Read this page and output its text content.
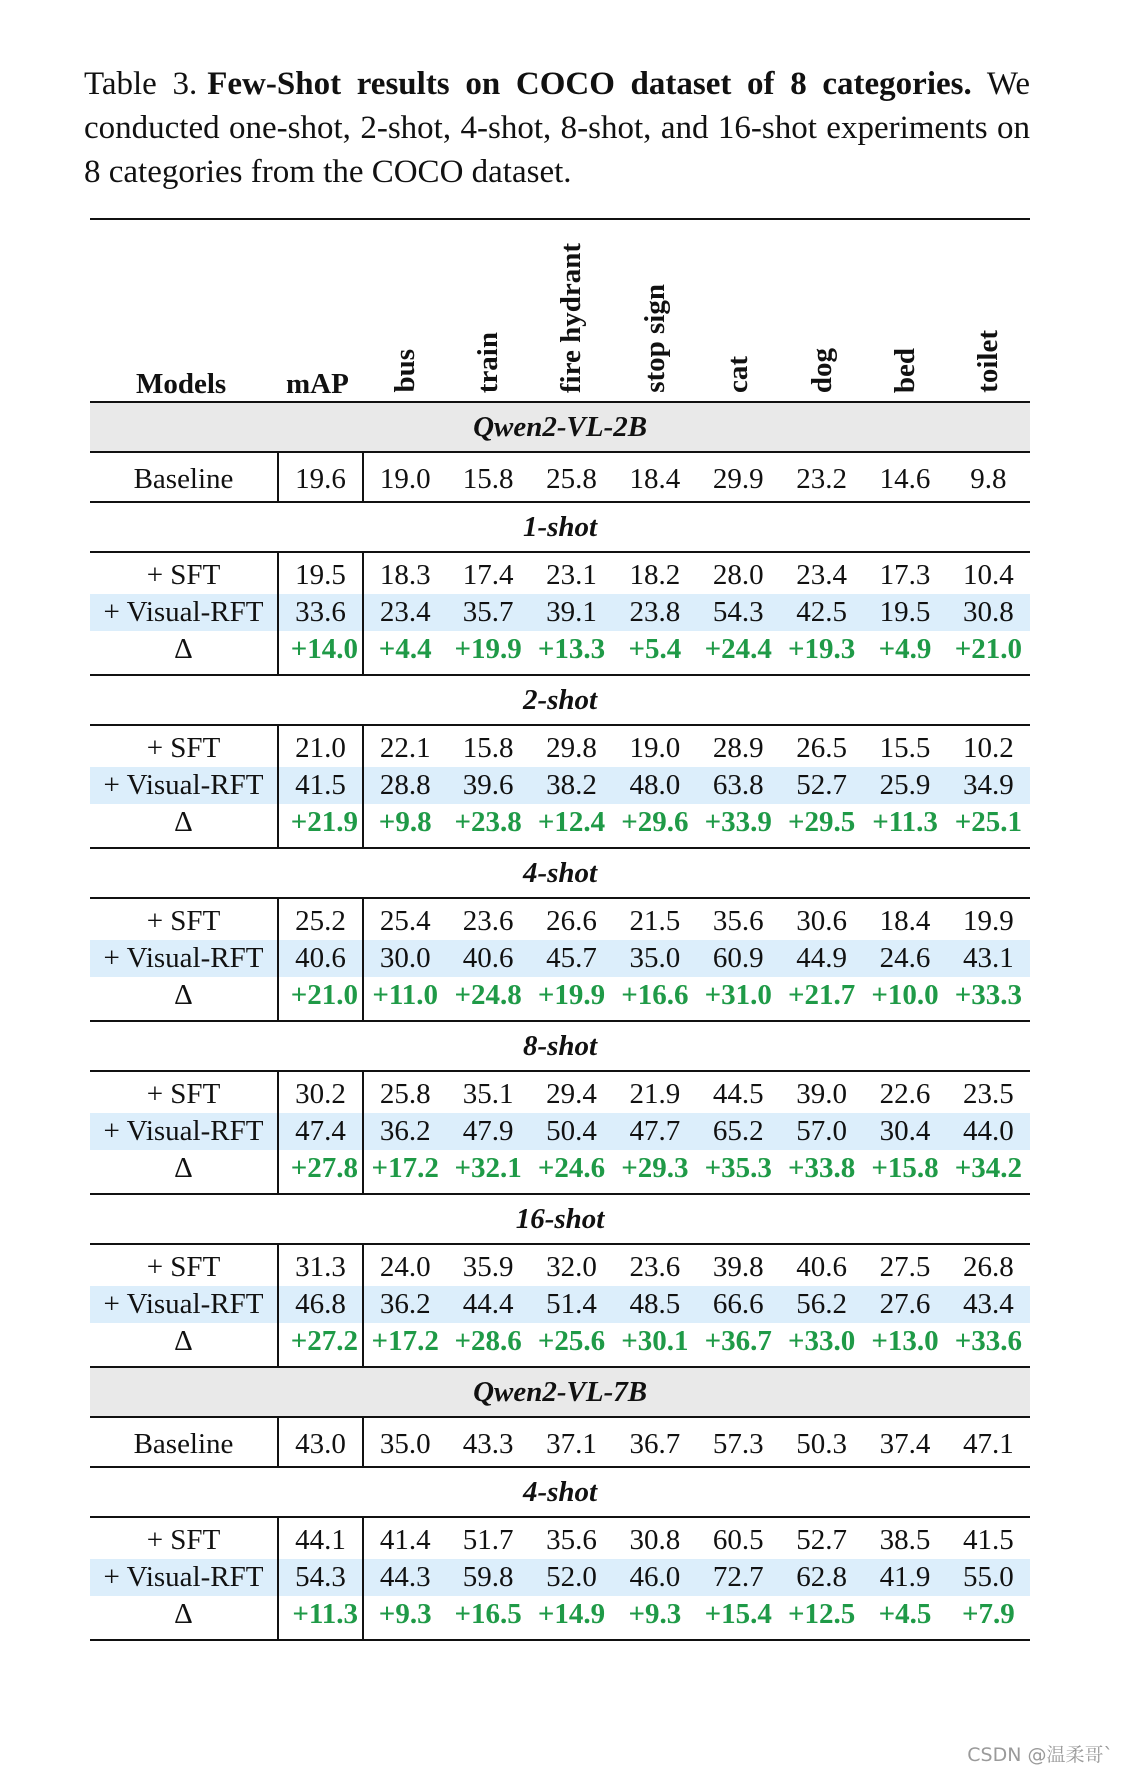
Table 3. Few-Shot results on COCO dataset of 8 categories. We conducted one-shot, 2-shot, 4-shot, 8-shot, and 16-shot experiments on 8 categories from the COCO dataset.

Models	mAP	bus	train	fire hydrant	stop sign	cat	dog	bed	toilet
Qwen2-VL-2B									
Baseline	19.6	19.0	15.8	25.8	18.4	29.9	23.2	14.6	9.8
1-shot									
+ SFT	19.5	18.3	17.4	23.1	18.2	28.0	23.4	17.3	10.4
+ Visual-RFT	33.6	23.4	35.7	39.1	23.8	54.3	42.5	19.5	30.8
Δ	+14.0	+4.4	+19.9	+13.3	+5.4	+24.4	+19.3	+4.9	+21.0
2-shot									
+ SFT	21.0	22.1	15.8	29.8	19.0	28.9	26.5	15.5	10.2
+ Visual-RFT	41.5	28.8	39.6	38.2	48.0	63.8	52.7	25.9	34.9
Δ	+21.9	+9.8	+23.8	+12.4	+29.6	+33.9	+29.5	+11.3	+25.1
4-shot									
+ SFT	25.2	25.4	23.6	26.6	21.5	35.6	30.6	18.4	19.9
+ Visual-RFT	40.6	30.0	40.6	45.7	35.0	60.9	44.9	24.6	43.1
Δ	+21.0	+11.0	+24.8	+19.9	+16.6	+31.0	+21.7	+10.0	+33.3
8-shot									
+ SFT	30.2	25.8	35.1	29.4	21.9	44.5	39.0	22.6	23.5
+ Visual-RFT	47.4	36.2	47.9	50.4	47.7	65.2	57.0	30.4	44.0
Δ	+27.8	+17.2	+32.1	+24.6	+29.3	+35.3	+33.8	+15.8	+34.2
16-shot									
+ SFT	31.3	24.0	35.9	32.0	23.6	39.8	40.6	27.5	26.8
+ Visual-RFT	46.8	36.2	44.4	51.4	48.5	66.6	56.2	27.6	43.4
Δ	+27.2	+17.2	+28.6	+25.6	+30.1	+36.7	+33.0	+13.0	+33.6
Qwen2-VL-7B									
Baseline	43.0	35.0	43.3	37.1	36.7	57.3	50.3	37.4	47.1
4-shot									
+ SFT	44.1	41.4	51.7	35.6	30.8	60.5	52.7	38.5	41.5
+ Visual-RFT	54.3	44.3	59.8	52.0	46.0	72.7	62.8	41.9	55.0
Δ	+11.3	+9.3	+16.5	+14.9	+9.3	+15.4	+12.5	+4.5	+7.9
CSDN @温柔哥`
